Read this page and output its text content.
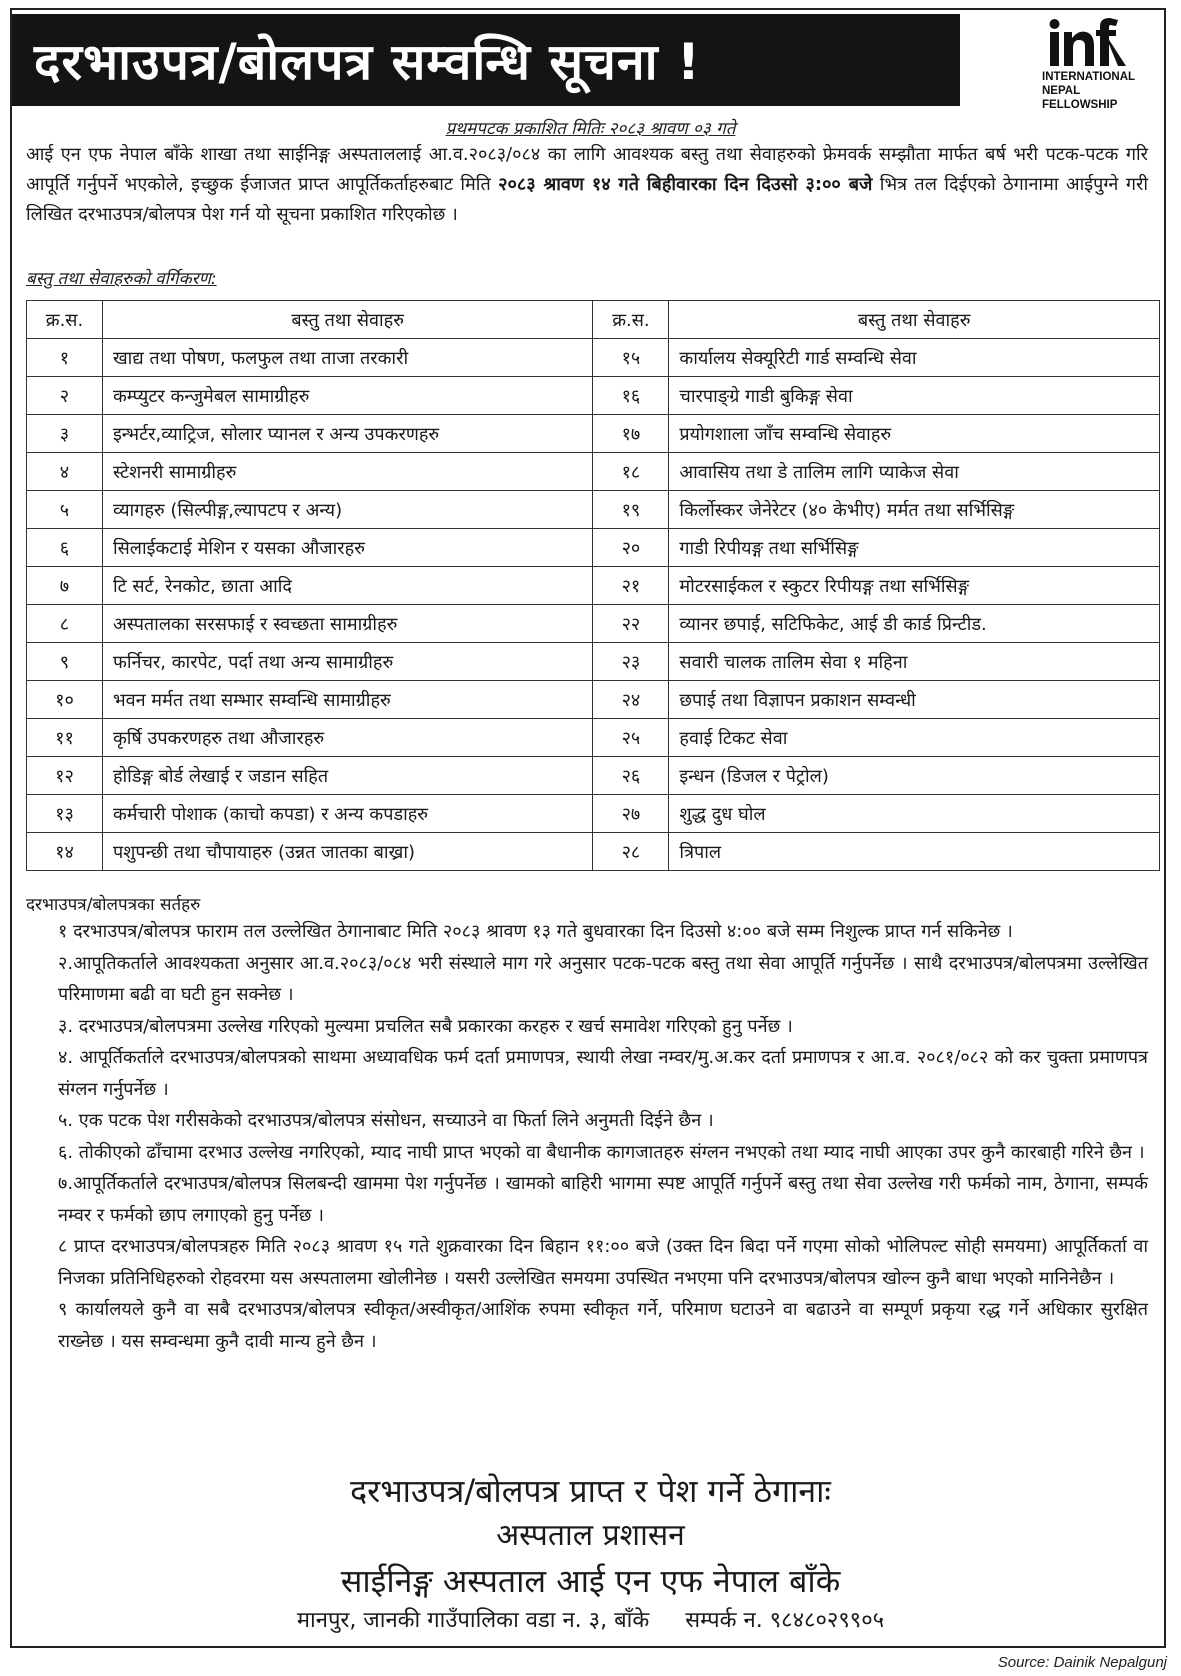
दरभाउपत्र/बोलपत्र सम्वन्धि सूचना !	INTERNATIONAL
NEPAL
FELLOWSHIP
प्रथमपटक प्रकाशित मितिः २०८३ श्रावण ०३ गते
आई एन एफ नेपाल बाँके शाखा तथा साईनिङ्ग अस्पताललाई आ.व.२०८३/०८४ का लागि आवश्यक बस्तु तथा सेवाहरुको फ्रेमवर्क सम्झौता मार्फत बर्ष भरी पटक-पटक गरि आपूर्ति गर्नुपर्ने भएकोले, इच्छुक ईजाजत प्राप्त आपूर्तिकर्ताहरुबाट मिति २०८३ श्रावण १४ गते बिहीवारका दिन दिउसो ३:०० बजे भित्र तल दिईएको ठेगानामा आईपुग्ने गरी लिखित दरभाउपत्र/बोलपत्र पेश गर्न यो सूचना प्रकाशित गरिएकोछ ।
बस्तु तथा सेवाहरुको वर्गिकरण:
क्र.स.	बस्तु तथा सेवाहरु	क्र.स.	बस्तु तथा सेवाहरु
१	खाद्य तथा पोषण, फलफुल तथा ताजा तरकारी	१५	कार्यालय सेक्यूरिटी गार्ड सम्वन्धि सेवा
२	कम्प्युटर कन्जुमेबल सामाग्रीहरु	१६	चारपाङ्ग्रे गाडी बुकिङ्ग सेवा
३	इन्भर्टर,व्याट्रिज, सोलार प्यानल र अन्य उपकरणहरु	१७	प्रयोगशाला जाँच सम्वन्धि सेवाहरु
४	स्टेशनरी सामाग्रीहरु	१८	आवासिय तथा डे तालिम लागि प्याकेज सेवा
५	व्यागहरु (सिल्पीङ्ग,ल्यापटप र अन्य)	१९	किर्लोस्कर जेनेरेटर (४० केभीए) मर्मत तथा सर्भिसिङ्ग
६	सिलाईकटाई मेशिन र यसका औजारहरु	२०	गाडी रिपीयङ्ग तथा सर्भिसिङ्ग
७	टि सर्ट, रेनकोट, छाता आदि	२१	मोटरसाईकल र स्कुटर रिपीयङ्ग तथा सर्भिसिङ्ग
८	अस्पतालका सरसफाई र स्वच्छता सामाग्रीहरु	२२	व्यानर छपाई, सटिफिकेट, आई डी कार्ड प्रिन्टीड.
९	फर्निचर, कारपेट, पर्दा तथा अन्य सामाग्रीहरु	२३	सवारी चालक तालिम सेवा १ महिना
१०	भवन मर्मत तथा सम्भार सम्वन्धि सामाग्रीहरु	२४	छपाई तथा विज्ञापन प्रकाशन सम्वन्धी
११	कृर्षि उपकरणहरु तथा औजारहरु	२५	हवाई टिकट सेवा
१२	होडिङ्ग बोर्ड लेखाई र जडान सहित	२६	इन्धन (डिजल र पेट्रोल)
१३	कर्मचारी पोशाक (काचो कपडा) र अन्य कपडाहरु	२७	शुद्ध दुध घोल
१४	पशुपन्छी तथा चौपायाहरु (उन्नत जातका बाख्रा)	२८	त्रिपाल
दरभाउपत्र/बोलपत्रका सर्तहरु

१ दरभाउपत्र/बोलपत्र फाराम तल उल्लेखित ठेगानाबाट मिति २०८३ श्रावण १३ गते बुधवारका दिन दिउसो ४:०० बजे सम्म निशुल्क प्राप्त गर्न सकिनेछ ।

२.आपूतिकर्ताले आवश्यकता अनुसार आ.व.२०८३/०८४ भरी संस्थाले माग गरे अनुसार पटक-पटक बस्तु तथा सेवा आपूर्ति गर्नुपर्नेछ । साथै दरभाउपत्र/बोलपत्रमा उल्लेखित परिमाणमा बढी वा घटी हुन सक्नेछ ।

३. दरभाउपत्र/बोलपत्रमा उल्लेख गरिएको मुल्यमा प्रचलित सबै प्रकारका करहरु र खर्च समावेश गरिएको हुनु पर्नेछ ।

४. आपूर्तिकर्ताले दरभाउपत्र/बोलपत्रको साथमा अध्यावधिक फर्म दर्ता प्रमाणपत्र, स्थायी लेखा नम्वर/मु.अ.कर दर्ता प्रमाणपत्र र आ.व. २०८१/०८२ को कर चुक्ता प्रमाणपत्र संग्लन गर्नुपर्नेछ ।

५. एक पटक पेश गरीसकेको दरभाउपत्र/बोलपत्र संसोधन, सच्याउने वा फिर्ता लिने अनुमती दिईने छैन ।

६. तोकीएको ढाँचामा दरभाउ उल्लेख नगरिएको, म्याद नाघी प्राप्त भएको वा बैधानीक कागजातहरु संग्लन नभएको तथा म्याद नाघी आएका उपर कुनै कारबाही गरिने छैन ।

७.आपूर्तिकर्ताले दरभाउपत्र/बोलपत्र सिलबन्दी खाममा पेश गर्नुपर्नेछ । खामको बाहिरी भागमा स्पष्ट आपूर्ति गर्नुपर्ने बस्तु तथा सेवा उल्लेख गरी फर्मको नाम, ठेगाना, सम्पर्क नम्वर र फर्मको छाप लगाएको हुनु पर्नेछ ।

८ प्राप्त दरभाउपत्र/बोलपत्रहरु मिति २०८३ श्रावण १५ गते शुक्रवारका दिन बिहान ११:०० बजे (उक्त दिन बिदा पर्ने गएमा सोको भोलिपल्ट सोही समयमा) आपूर्तिकर्ता वा निजका प्रतिनिधिहरुको रोहवरमा यस अस्पतालमा खोलीनेछ । यसरी उल्लेखित समयमा उपस्थित नभएमा पनि दरभाउपत्र/बोलपत्र खोल्न कुनै बाधा भएको मानिनेछैन ।

९ कार्यालयले कुनै वा सबै दरभाउपत्र/बोलपत्र स्वीकृत/अस्वीकृत/आशिंक रुपमा स्वीकृत गर्ने, परिमाण घटाउने वा बढाउने वा सम्पूर्ण प्रकृया रद्ध गर्ने अधिकार सुरक्षित राख्नेछ । यस सम्वन्धमा कुनै दावी मान्य हुने छैन ।

दरभाउपत्र/बोलपत्र प्राप्त र पेश गर्ने ठेगानाः
अस्पताल प्रशासन
साईनिङ्ग अस्पताल आई एन एफ नेपाल बाँके
मानपुर, जानकी गाउँपालिका वडा न. ३, बाँके सम्पर्क न. ९८४८०२९९०५
Source: Dainik Nepalgunj
